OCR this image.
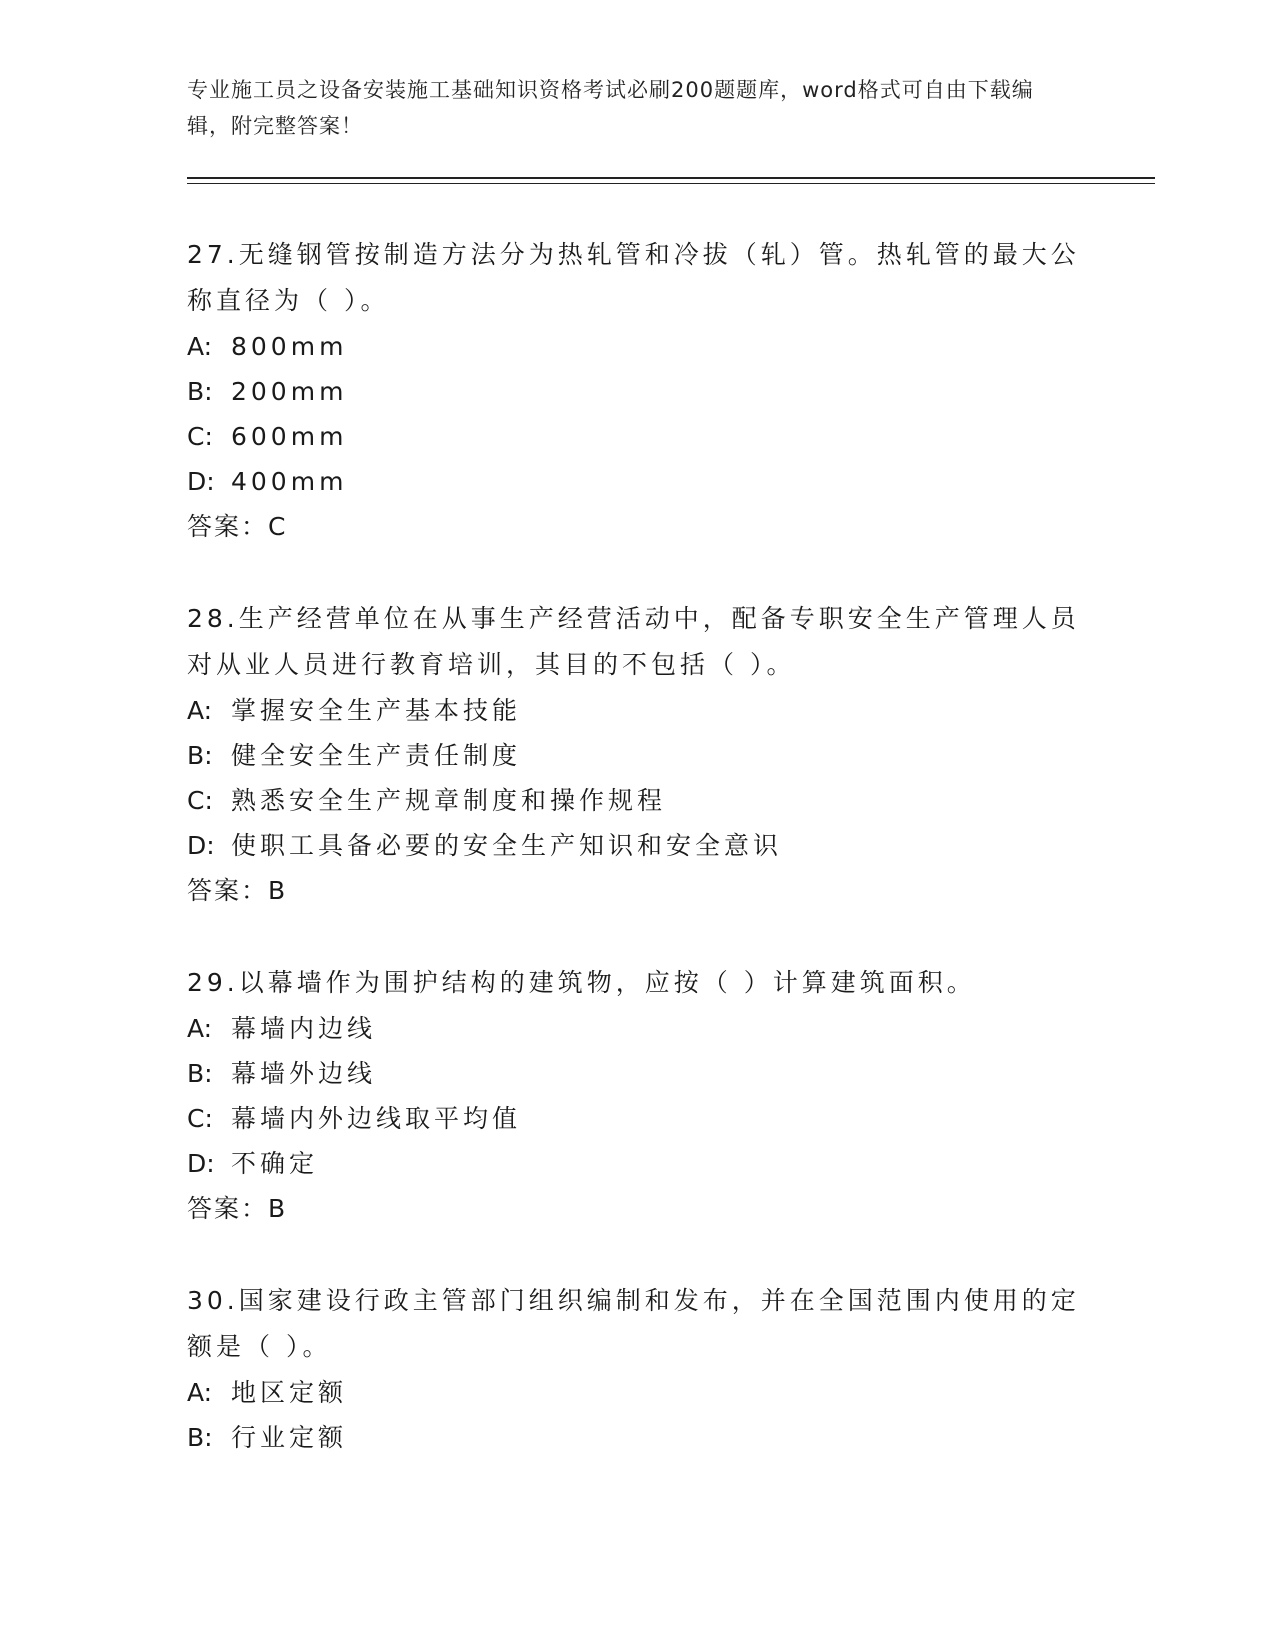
专业施工员之设备安装施工基础知识资格考试必刷200题题库，word格式可自由下载编辑，附完整答案！

27.无缝钢管按制造方法分为热轧管和冷拔（轧）管。热轧管的最大公称直径为（ ）。

A: 800mm

B: 200mm

C: 600mm

D: 400mm

答案：C

28.生产经营单位在从事生产经营活动中，配备专职安全生产管理人员对从业人员进行教育培训，其目的不包括（ ）。

A: 掌握安全生产基本技能

B: 健全安全生产责任制度

C: 熟悉安全生产规章制度和操作规程

D: 使职工具备必要的安全生产知识和安全意识

答案：B

29.以幕墙作为围护结构的建筑物，应按（ ）计算建筑面积。

A: 幕墙内边线

B: 幕墙外边线

C: 幕墙内外边线取平均值

D: 不确定

答案：B

30.国家建设行政主管部门组织编制和发布，并在全国范围内使用的定额是（ ）。

A: 地区定额

B: 行业定额
